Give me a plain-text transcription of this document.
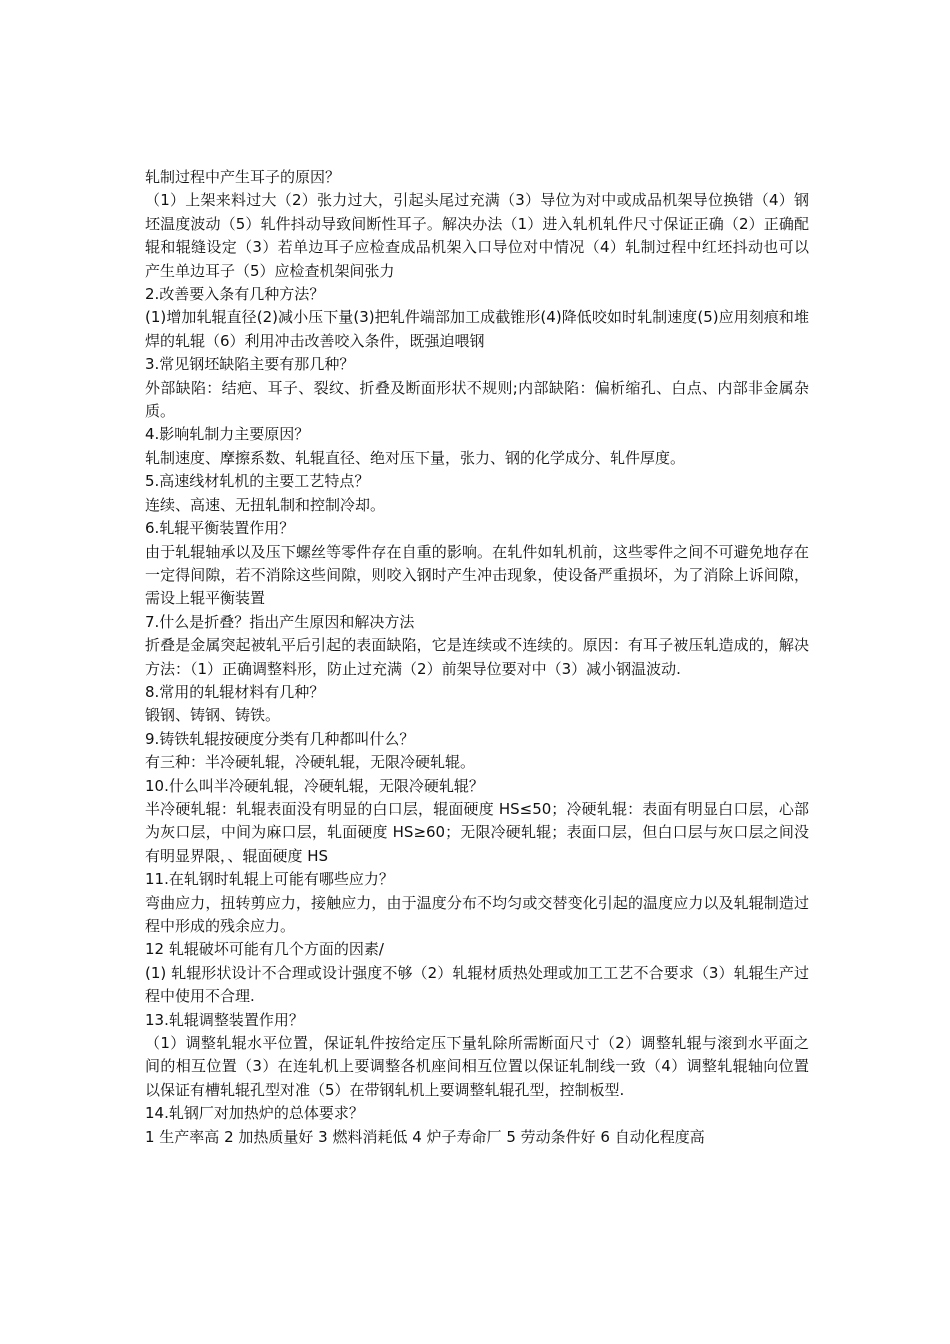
轧制过程中产生耳子的原因？

（1）上架来料过大（2）张力过大，引起头尾过充满（3）导位为对中或成品机架导位换错（4）钢坯温度波动（5）轧件抖动导致间断性耳子。解决办法（1）进入轧机轧件尺寸保证正确（2）正确配辊和辊缝设定（3）若单边耳子应检查成品机架入口导位对中情况（4）轧制过程中红坯抖动也可以产生单边耳子（5）应检查机架间张力

2.改善要入条有几种方法？

(1)增加轧辊直径(2)减小压下量(3)把轧件端部加工成截锥形(4)降低咬如时轧制速度(5)应用刻痕和堆焊的轧辊（6）利用冲击改善咬入条件，既强迫喂钢

3.常见钢坯缺陷主要有那几种？

外部缺陷：结疤、耳子、裂纹、折叠及断面形状不规则;内部缺陷：偏析缩孔、白点、内部非金属杂质。

4.影响轧制力主要原因？

轧制速度、摩擦系数、轧辊直径、绝对压下量，张力、钢的化学成分、轧件厚度。

5.高速线材轧机的主要工艺特点？

连续、高速、无扭轧制和控制冷却。

6.轧辊平衡装置作用？

由于轧辊轴承以及压下螺丝等零件存在自重的影响。在轧件如轧机前，这些零件之间不可避免地存在一定得间隙，若不消除这些间隙，则咬入钢时产生冲击现象，使设备严重损坏，为了消除上诉间隙，需设上辊平衡装置

7.什么是折叠？指出产生原因和解决方法

折叠是金属突起被轧平后引起的表面缺陷，它是连续或不连续的。原因：有耳子被压轧造成的，解决方法：（1）正确调整料形，防止过充满（2）前架导位要对中（3）减小钢温波动.

8.常用的轧辊材料有几种？

锻钢、铸钢、铸铁。

9.铸铁轧辊按硬度分类有几种都叫什么？

有三种：半冷硬轧辊，冷硬轧辊，无限冷硬轧辊。

10.什么叫半冷硬轧辊，冷硬轧辊，无限冷硬轧辊？

半冷硬轧辊：轧辊表面没有明显的白口层，辊面硬度 HS≤50；冷硬轧辊：表面有明显白口层，心部为灰口层，中间为麻口层，轧面硬度 HS≥60；无限冷硬轧辊；表面口层，但白口层与灰口层之间没有明显界限，、辊面硬度 HS

11.在轧钢时轧辊上可能有哪些应力？

弯曲应力，扭转剪应力，接触应力，由于温度分布不均匀或交替变化引起的温度应力以及轧辊制造过程中形成的残余应力。

12 轧辊破坏可能有几个方面的因素/

(1) 轧辊形状设计不合理或设计强度不够（2）轧辊材质热处理或加工工艺不合要求（3）轧辊生产过程中使用不合理.

13.轧辊调整装置作用？

（1）调整轧辊水平位置，保证轧件按给定压下量轧除所需断面尺寸（2）调整轧辊与滚到水平面之间的相互位置（3）在连轧机上要调整各机座间相互位置以保证轧制线一致（4）调整轧辊轴向位置以保证有槽轧辊孔型对准（5）在带钢轧机上要调整轧辊孔型，控制板型.

14.轧钢厂对加热炉的总体要求？

1 生产率高 2 加热质量好 3 燃料消耗低 4 炉子寿命厂 5 劳动条件好 6 自动化程度高
